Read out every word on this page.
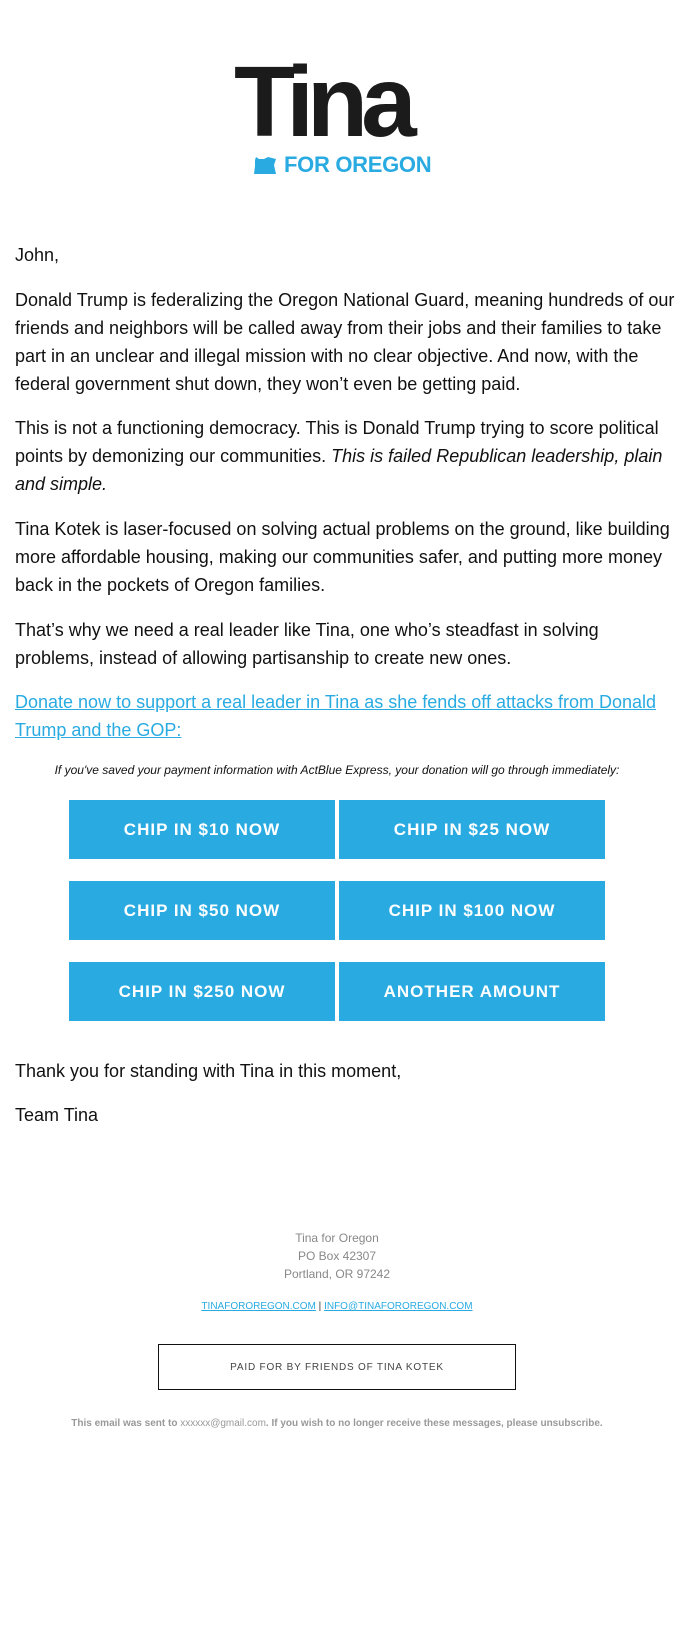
Tina
FOR OREGON

John,

Donald Trump is federalizing the Oregon National Guard, meaning hundreds of our friends and neighbors will be called away from their jobs and their families to take part in an unclear and illegal mission with no clear objective. And now, with the federal government shut down, they won’t even be getting paid.

This is not a functioning democracy. This is Donald Trump trying to score political points by demonizing our communities. This is failed Republican leadership, plain and simple.

Tina Kotek is laser-focused on solving actual problems on the ground, like building more affordable housing, making our communities safer, and putting more money back in the pockets of Oregon families.

That’s why we need a real leader like Tina, one who’s steadfast in solving problems, instead of allowing partisanship to create new ones.

Donate now to support a real leader in Tina as she fends off attacks from Donald Trump and the GOP:

If you've saved your payment information with ActBlue Express, your donation will go through immediately:
CHIP IN $10 NOW	CHIP IN $25 NOW
CHIP IN $50 NOW	CHIP IN $100 NOW
CHIP IN $250 NOW	ANOTHER AMOUNT

Thank you for standing with Tina in this moment,

Team Tina

Tina for Oregon
PO Box 42307
Portland, OR 97242
TINAFOROREGON.COM | INFO@TINAFOROREGON.COM
PAID FOR BY FRIENDS OF TINA KOTEK
This email was sent to xxxxxx@gmail.com. If you wish to no longer receive these messages, please unsubscribe.
